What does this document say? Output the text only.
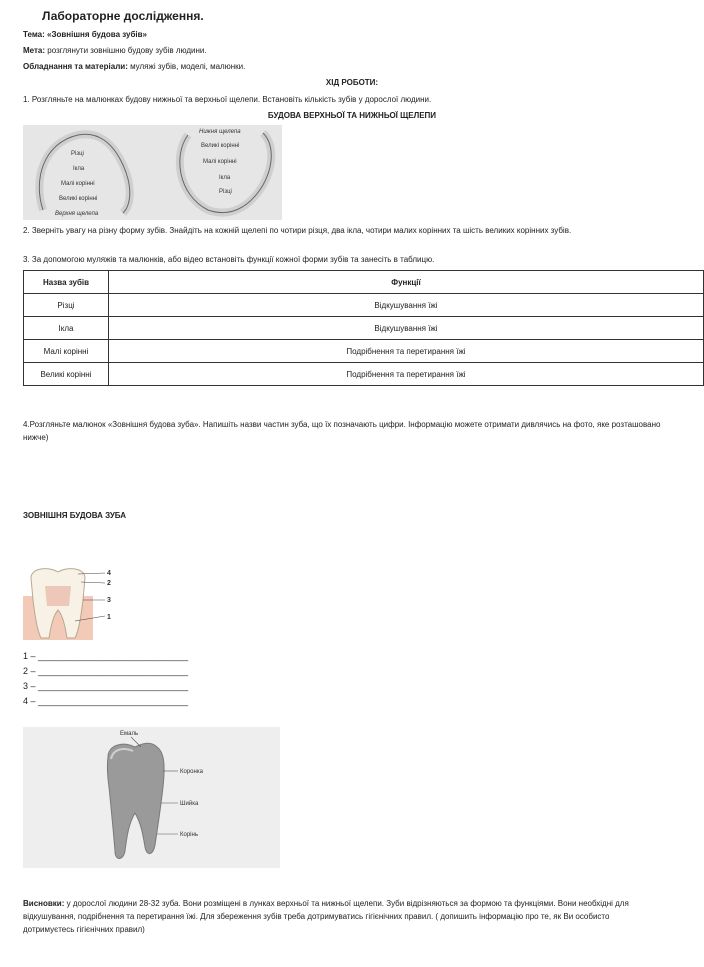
Лабораторне дослідження.
Тема: «Зовнішня будова зубів»
Мета: розглянути зовнішню будову зубів людини.
Обладнання та матеріали: муляжі зубів, моделі, малюнки.
ХІД РОБОТИ:
1. Розгляньте на малюнках будову нижньої та верхньої щелепи. Встановіть кількість зубів у дорослої людини.
БУДОВА ВЕРХНЬОЇ ТА НИЖНЬОЇ ЩЕЛЕПИ
Різці
Ікла
Малі корінні
Великі корінні
Верхня щелепа
Нижня щелепа
Великі корінні
Малі корінні
Ікла
Різці
2. Зверніть увагу на різну форму зубів. Знайдіть на кожній щелепі по чотири різця, два ікла, чотири малих корінних та шість великих корінних зубів.
3. За допомогою муляжів та малюнків, або відео встановіть функції кожної форми зубів та занесіть в таблицю.
Назва зубів	Функції
Різці	Відкушування їжі
Ікла	Відкушування їжі
Малі корінні	Подрібнення та перетирання їжі
Великі корінні	Подрібнення та перетирання їжі
4.Розгляньте малюнок «Зовнішня будова зуба». Напишіть назви частин зуба, що їх позначають цифри. Інформацію можете отримати дивлячись на фото, яке розташовано нижче)
ЗОВНІШНЯ БУДОВА ЗУБА
4
2
3
1
1 – ______________________________
2 – ______________________________
3 – ______________________________
4 – ______________________________
Емаль
Коронка
Шийка
Корінь
Висновки: у дорослої людини 28-32 зуба. Вони розміщені в лунках верхньої та нижньої щелепи. Зуби відрізняються за формою та функціями. Вони необхідні для відкушування, подрібнення та перетирання їжі. Для збереження зубів треба дотримуватись гігієнічних правил. ( допишить інформацію про те, як Ви особисто дотримуєтесь гігієнічних правил)
